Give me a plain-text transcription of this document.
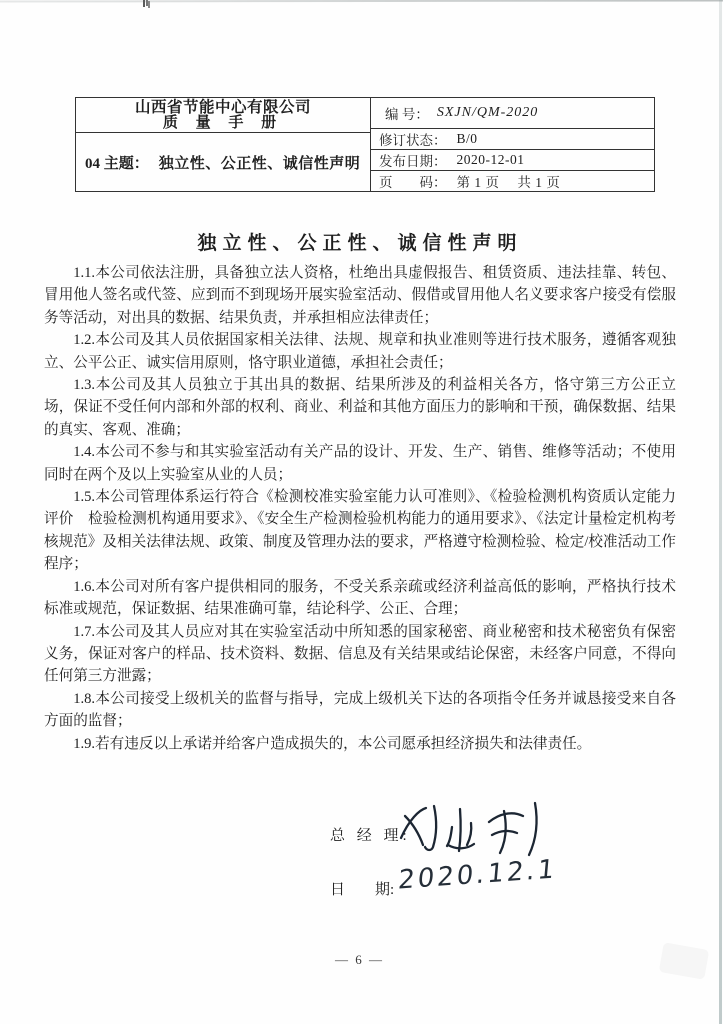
山西省节能中心有限公司
质 量 手 册
04 主题： 独立性、公正性、诚信性声明
编 号： SXJN/QM-2020
修订状态： B/0
发布日期： 2020-12-01
页　　码： 第 1 页　 共 1 页
独立性、公正性、诚信性声明

1.1.本公司依法注册，具备独立法人资格，杜绝出具虚假报告、租赁资质、违法挂靠、转包、冒用他人签名或代签、应到而不到现场开展实验室活动、假借或冒用他人名义要求客户接受有偿服务等活动，对出具的数据、结果负责，并承担相应法律责任；

1.2.本公司及其人员依据国家相关法律、法规、规章和执业准则等进行技术服务，遵循客观独立、公平公正、诚实信用原则，恪守职业道德，承担社会责任；

1.3.本公司及其人员独立于其出具的数据、结果所涉及的利益相关各方，恪守第三方公正立场，保证不受任何内部和外部的权利、商业、利益和其他方面压力的影响和干预，确保数据、结果的真实、客观、准确；

1.4.本公司不参与和其实验室活动有关产品的设计、开发、生产、销售、维修等活动；不使用同时在两个及以上实验室从业的人员；

1.5.本公司管理体系运行符合《检测校准实验室能力认可准则》、《检验检测机构资质认定能力评价　检验检测机构通用要求》、《安全生产检测检验机构能力的通用要求》、《法定计量检定机构考核规范》及相关法律法规、政策、制度及管理办法的要求，严格遵守检测检验、检定/校准活动工作程序；

1.6.本公司对所有客户提供相同的服务，不受关系亲疏或经济利益高低的影响，严格执行技术标准或规范，保证数据、结果准确可靠，结论科学、公正、合理；

1.7.本公司及其人员应对其在实验室活动中所知悉的国家秘密、商业秘密和技术秘密负有保密义务，保证对客户的样品、技术资料、数据、信息及有关结果或结论保密，未经客户同意，不得向任何第三方泄露；

1.8.本公司接受上级机关的监督与指导，完成上级机关下达的各项指令任务并诚恳接受来自各方面的监督；

1.9.若有违反以上承诺并给客户造成损失的，本公司愿承担经济损失和法律责任。

总 经 理:
日　　期: 2020.12.1
— 6 —
